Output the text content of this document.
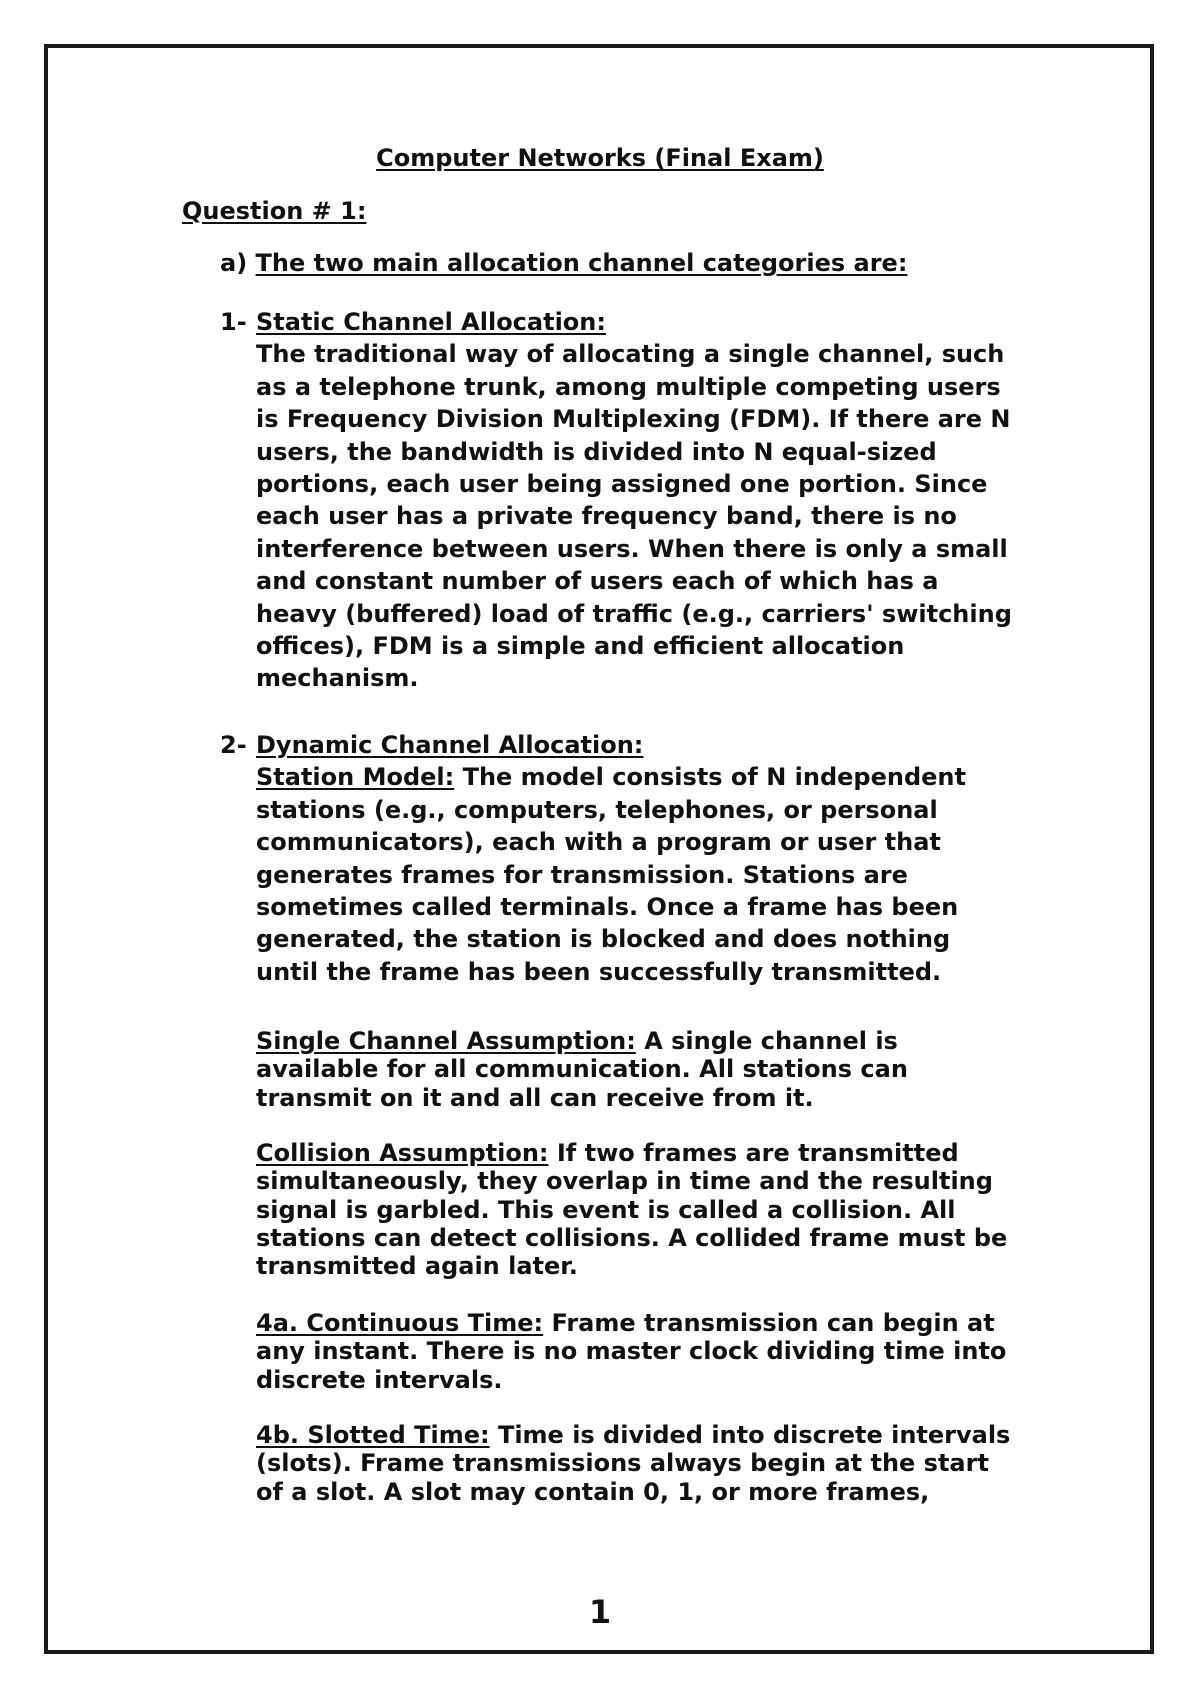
Computer Networks (Final Exam)
Question # 1:
a) The two main allocation channel categories are:
1- Static Channel Allocation:
The traditional way of allocating a single channel, such
as a telephone trunk, among multiple competing users
is Frequency Division Multiplexing (FDM). If there are N
users, the bandwidth is divided into N equal-sized
portions, each user being assigned one portion. Since
each user has a private frequency band, there is no
interference between users. When there is only a small
and constant number of users each of which has a
heavy (buffered) load of traffic (e.g., carriers' switching
offices), FDM is a simple and efficient allocation
mechanism.
2- Dynamic Channel Allocation:
Station Model: The model consists of N independent
stations (e.g., computers, telephones, or personal
communicators), each with a program or user that
generates frames for transmission. Stations are
sometimes called terminals. Once a frame has been
generated, the station is blocked and does nothing
until the frame has been successfully transmitted.
Single Channel Assumption: A single channel is
available for all communication. All stations can
transmit on it and all can receive from it.
Collision Assumption: If two frames are transmitted
simultaneously, they overlap in time and the resulting
signal is garbled. This event is called a collision. All
stations can detect collisions. A collided frame must be
transmitted again later.
4a. Continuous Time: Frame transmission can begin at
any instant. There is no master clock dividing time into
discrete intervals.
4b. Slotted Time: Time is divided into discrete intervals
(slots). Frame transmissions always begin at the start
of a slot. A slot may contain 0, 1, or more frames,
1
